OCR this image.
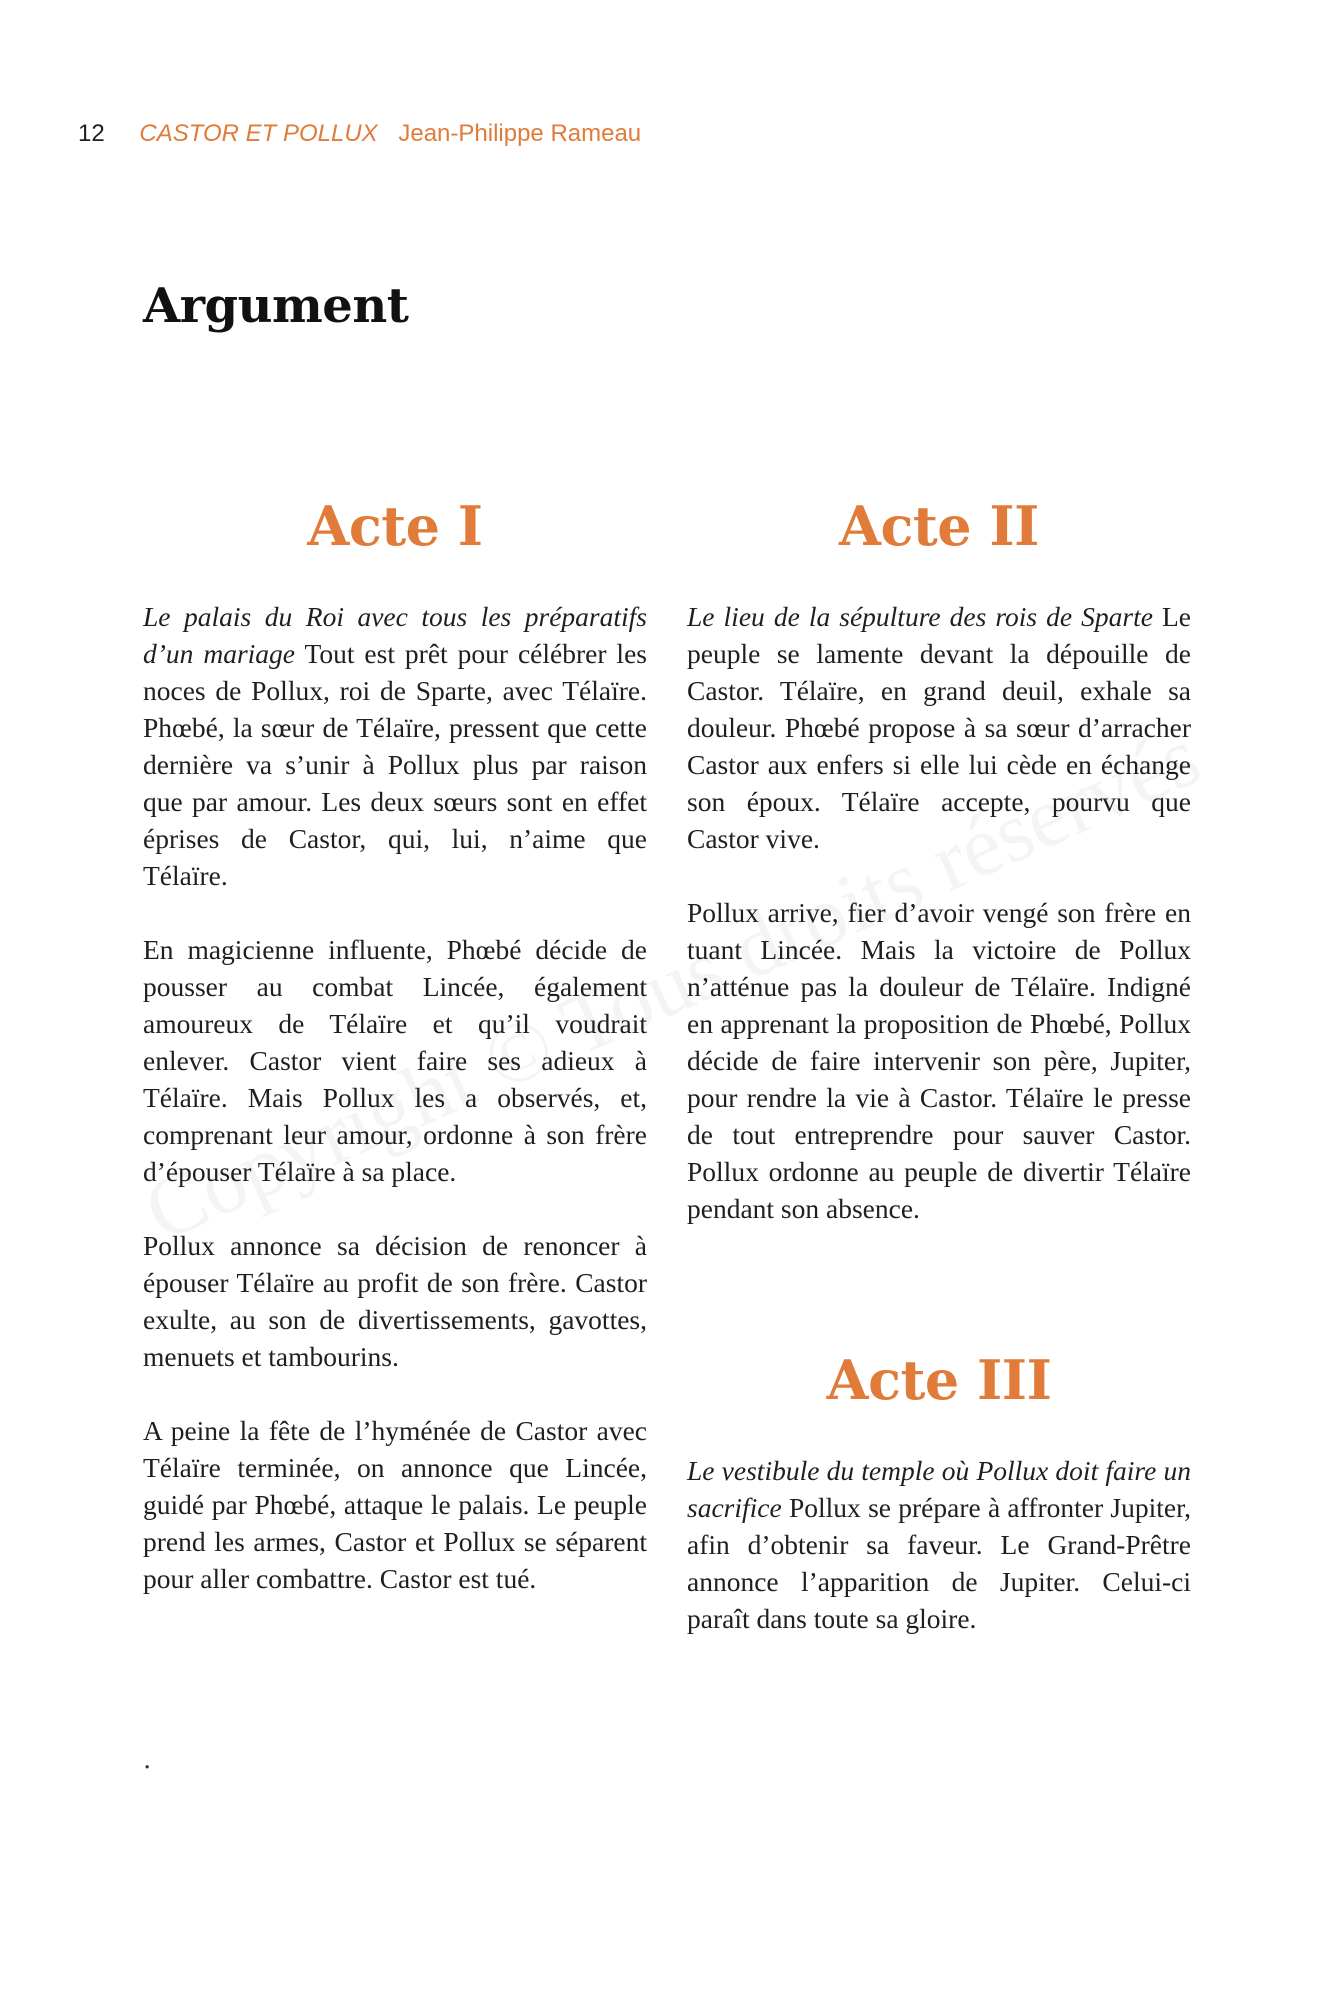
12 CASTOR ET POLLUX Jean-Philippe Rameau
Argument
Acte I

Le palais du Roi avec tous les préparatifs d’un mariage Tout est prêt pour célébrer les noces de Pollux, roi de Sparte, avec Télaïre. Phœbé, la sœur de Télaïre, pressent que cette dernière va s’unir à Pollux plus par raison que par amour. Les deux sœurs sont en effet éprises de Castor, qui, lui, n’aime que Télaïre.

En magicienne influente, Phœbé décide de pousser au combat Lincée, également amoureux de Télaïre et qu’il voudrait enlever. Castor vient faire ses adieux à Télaïre. Mais Pollux les a observés, et, comprenant leur amour, ordonne à son frère d’épouser Télaïre à sa place.

Pollux annonce sa décision de renoncer à épouser Télaïre au profit de son frère. Castor exulte, au son de divertissements, gavottes, menuets et tambourins.

A peine la fête de l’hyménée de Castor avec Télaïre terminée, on annonce que Lincée, guidé par Phœbé, attaque le palais. Le peuple prend les armes, Castor et Pollux se séparent pour aller combattre. Castor est tué.

Acte II

Le lieu de la sépulture des rois de Sparte Le peuple se lamente devant la dépouille de Castor. Télaïre, en grand deuil, exhale sa douleur. Phœbé propose à sa sœur d’arracher Castor aux enfers si elle lui cède en échange son époux. Télaïre accepte, pourvu que Castor vive.

Pollux arrive, fier d’avoir vengé son frère en tuant Lincée. Mais la victoire de Pollux n’atténue pas la douleur de Télaïre. Indigné en apprenant la proposition de Phœbé, Pollux décide de faire intervenir son père, Jupiter, pour rendre la vie à Castor. Télaïre le presse de tout entreprendre pour sauver Castor. Pollux ordonne au peuple de divertir Télaïre pendant son absence.

Acte III

Le vestibule du temple où Pollux doit faire un sacrifice Pollux se prépare à affronter Jupiter, afin d’obtenir sa faveur. Le Grand-Prêtre annonce l’apparition de Jupiter. Celui-ci paraît dans toute sa gloire.

.
